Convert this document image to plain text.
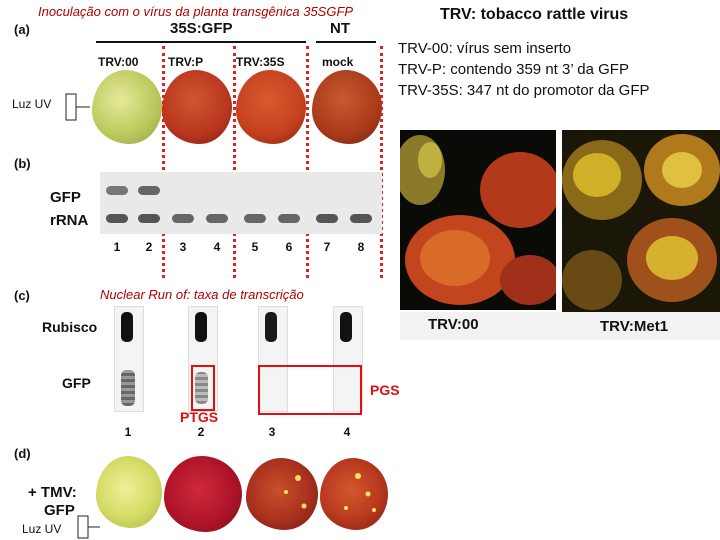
Inoculação com o vírus da planta transgênica 35SGFP	TRV: tobacco rattle virus
TRV-00: vírus sem inserto
TRV-P: contendo 359 nt 3’ da GFP
TRV-35S: 347 nt do promotor da GFP
(a)	35S:GFP	NT
TRV:00 TRV:P	TRV:35S	mock
Luz UV
(b)
GFP
rRNA
1	2	3	4	5	6	7	8
(c)	Nuclear Run of: taxa de transcrição
Rubisco
GFP
PTGS
PGS
1	2	3	4
(d)
+ TMV:
GFP
Luz UV
TRV:00	TRV:Met1
